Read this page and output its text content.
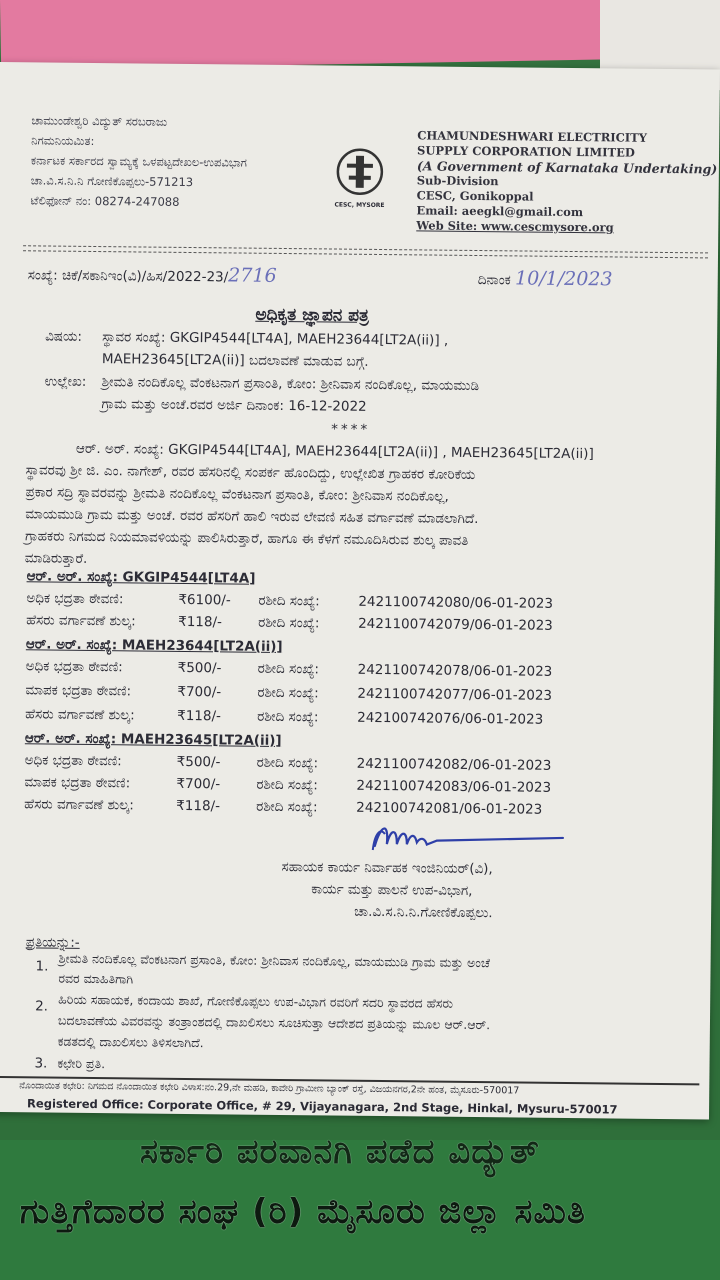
ಚಾಮುಂಡೇಶ್ವರಿ ವಿದ್ಯುತ್ ಸರಬರಾಜು
ನಿಗಮನಿಯಮಿತ:
ಕರ್ನಾಟಕ ಸರ್ಕಾರದ ಸ್ವಾಮ್ಯಕ್ಕೆ ಒಳಪಟ್ಟದೇಖಲ-ಉಪವಿಭಾಗ
ಚಾ.ವಿ.ಸ.ನಿ.ನಿ ಗೋಣಿಕೊಪ್ಪಲು-571213
ಟೆಲಿಫೋನ್ ನಂ: 08274-247088	CESC, MYSORE
CHAMUNDESHWARI ELECTRICITY
SUPPLY CORPORATION LIMITED
(A Government of Karnataka Undertaking)
Sub-Division
CESC, Gonikoppal
Email: aeegkl@gmail.com
Web Site: www.cescmysore.org
ಸಂಖ್ಯೆ: ಚಿಕೆ/ಸಕಾನಿಇಂ(ವಿ)/ಹಿಸ/2022-23/2716	ದಿನಾಂಕ 10/1/2023
ಅಧಿಕೃತ ಜ್ಞಾಪನ ಪತ್ರ
ವಿಷಯ: ಸ್ಥಾವರ ಸಂಖ್ಯೆ: GKGIP4544[LT4A], MAEH23644[LT2A(ii)] ,
MAEH23645[LT2A(ii)] ಬದಲಾವಣೆ ಮಾಡುವ ಬಗ್ಗೆ.
ಉಲ್ಲೇಖ: ಶ್ರೀಮತಿ ನಂದಿಕೊಲ್ಲ ವೆಂಕಟನಾಗ ಪ್ರಸಾಂತಿ, ಕೋಂ: ಶ್ರೀನಿವಾಸ ನಂದಿಕೊಲ್ಲ, ಮಾಯಮುಡಿ
ಗ್ರಾಮ ಮತ್ತು ಅಂಚೆ.ರವರ ಅರ್ಜಿ ದಿನಾಂಕ: 16-12-2022
****
ಆರ್. ಅರ್. ಸಂಖ್ಯೆ: GKGIP4544[LT4A], MAEH23644[LT2A(ii)] , MAEH23645[LT2A(ii)]
ಸ್ಥಾವರವು ಶ್ರೀ ಜಿ. ಎಂ. ನಾಗೇಶ್, ರವರ ಹೆಸರಿನಲ್ಲಿ ಸಂಪರ್ಕ ಹೊಂದಿದ್ದು, ಉಲ್ಲೇಖಿತ ಗ್ರಾಹಕರ ಕೋರಿಕೆಯ
ಪ್ರಕಾರ ಸದ್ರಿ ಸ್ಥಾವರವನ್ನು ಶ್ರೀಮತಿ ನಂದಿಕೊಲ್ಲ ವೆಂಕಟನಾಗ ಪ್ರಸಾಂತಿ, ಕೋಂ: ಶ್ರೀನಿವಾಸ ನಂದಿಕೊಲ್ಲ,
ಮಾಯಮುಡಿ ಗ್ರಾಮ ಮತ್ತು ಅಂಚೆ. ರವರ ಹೆಸರಿಗೆ ಹಾಲಿ ಇರುವ ಲೇವಣಿ ಸಹಿತ ವರ್ಗಾವಣೆ ಮಾಡಲಾಗಿದೆ.
ಗ್ರಾಹಕರು ನಿಗಮದ ನಿಯಮಾವಳಿಯನ್ನು ಪಾಲಿಸಿರುತ್ತಾರೆ, ಹಾಗೂ ಈ ಕೆಳಗೆ ನಮೂದಿಸಿರುವ ಶುಲ್ಕ ಪಾವತಿ
ಮಾಡಿರುತ್ತಾರೆ.
ಆರ್. ಅರ್. ಸಂಖ್ಯೆ: GKGIP4544[LT4A]
ಅಧಿಕ ಭದ್ರತಾ ಠೇವಣಿ:	₹6100/- ರಶೀದಿ ಸಂಖ್ಯೆ:	2421100742080/06-01-2023
ಹೆಸರು ವರ್ಗಾವಣೆ ಶುಲ್ಕ:	₹118/-	ರಶೀದಿ ಸಂಖ್ಯೆ:	2421100742079/06-01-2023
ಆರ್. ಅರ್. ಸಂಖ್ಯೆ: MAEH23644[LT2A(ii)]
ಅಧಿಕ ಭದ್ರತಾ ಠೇವಣಿ:	₹500/-	ರಶೀದಿ ಸಂಖ್ಯೆ:	2421100742078/06-01-2023
ಮಾಪಕ ಭದ್ರತಾ ಠೇವಣಿ:	₹700/-	ರಶೀದಿ ಸಂಖ್ಯೆ:	2421100742077/06-01-2023
ಹೆಸರು ವರ್ಗಾವಣೆ ಶುಲ್ಕ:	₹118/-	ರಶೀದಿ ಸಂಖ್ಯೆ:	242100742076/06-01-2023
ಆರ್. ಅರ್. ಸಂಖ್ಯೆ: MAEH23645[LT2A(ii)]
ಅಧಿಕ ಭದ್ರತಾ ಠೇವಣಿ:	₹500/-	ರಶೀದಿ ಸಂಖ್ಯೆ:	2421100742082/06-01-2023
ಮಾಪಕ ಭದ್ರತಾ ಠೇವಣಿ:	₹700/-	ರಶೀದಿ ಸಂಖ್ಯೆ:	2421100742083/06-01-2023
ಹೆಸರು ವರ್ಗಾವಣೆ ಶುಲ್ಕ:	₹118/-	ರಶೀದಿ ಸಂಖ್ಯೆ:	242100742081/06-01-2023
ಸಹಾಯಕ ಕಾರ್ಯ ನಿರ್ವಾಹಕ ಇಂಜಿನಿಯರ್(ವಿ),
ಕಾರ್ಯ ಮತ್ತು ಪಾಲನೆ ಉಪ-ವಿಭಾಗ,
ಚಾ.ವಿ.ಸ.ನಿ.ನಿ.ಗೋಣಿಕೊಪ್ಪಲು.
ಪ್ರತಿಯನ್ನು:-
1. ಶ್ರೀಮತಿ ನಂದಿಕೊಲ್ಲ ವೆಂಕಟನಾಗ ಪ್ರಸಾಂತಿ, ಕೋಂ: ಶ್ರೀನಿವಾಸ ನಂದಿಕೊಲ್ಲ, ಮಾಯಮುಡಿ ಗ್ರಾಮ ಮತ್ತು ಅಂಚೆ
ರವರ ಮಾಹಿತಿಗಾಗಿ
2. ಹಿರಿಯ ಸಹಾಯಕ, ಕಂದಾಯ ಶಾಖೆ, ಗೋಣಿಕೊಪ್ಪಲು ಉಪ-ವಿಭಾಗ ರವರಿಗೆ ಸದರಿ ಸ್ಥಾವರದ ಹೆಸರು
ಬದಲಾವಣೆಯ ವಿವರವನ್ನು ತಂತ್ರಾಂಶದಲ್ಲಿ ದಾಖಲಿಸಲು ಸೂಚಿಸುತ್ತಾ ಆದೇಶದ ಪ್ರತಿಯನ್ನು ಮೂಲ ಆರ್.ಆರ್.
ಕಡತದಲ್ಲಿ ದಾಖಲಿಸಲು ತಿಳಿಸಲಾಗಿದೆ.
3. ಕಛೇರಿ ಪ್ರತಿ.
ನೊಂದಾಯಿತ ಕಛೇರಿ: ನಿಗಮದ ನೊಂದಾಯಿತ ಕಛೇರಿ ವಿಳಾಸ:ನಂ.29,ನೇ ಮಹಡಿ, ಕಾವೇರಿ ಗ್ರಾಮೀಣ ಬ್ಯಾಂಕ್ ರಸ್ತೆ, ವಿಜಯನಗರ,2ನೇ ಹಂತ, ಮೈಸೂರು-570017
Registered Office: Corporate Office, # 29, Vijayanagara, 2nd Stage, Hinkal, Mysuru-570017
ಸರ್ಕಾರಿ ಪರವಾನಗಿ ಪಡೆದ ವಿದ್ಯುತ್
ಗುತ್ತಿಗೆದಾರರ ಸಂಘ (ರಿ) ಮೈಸೂರು ಜಿಲ್ಲಾ ಸಮಿತಿ
